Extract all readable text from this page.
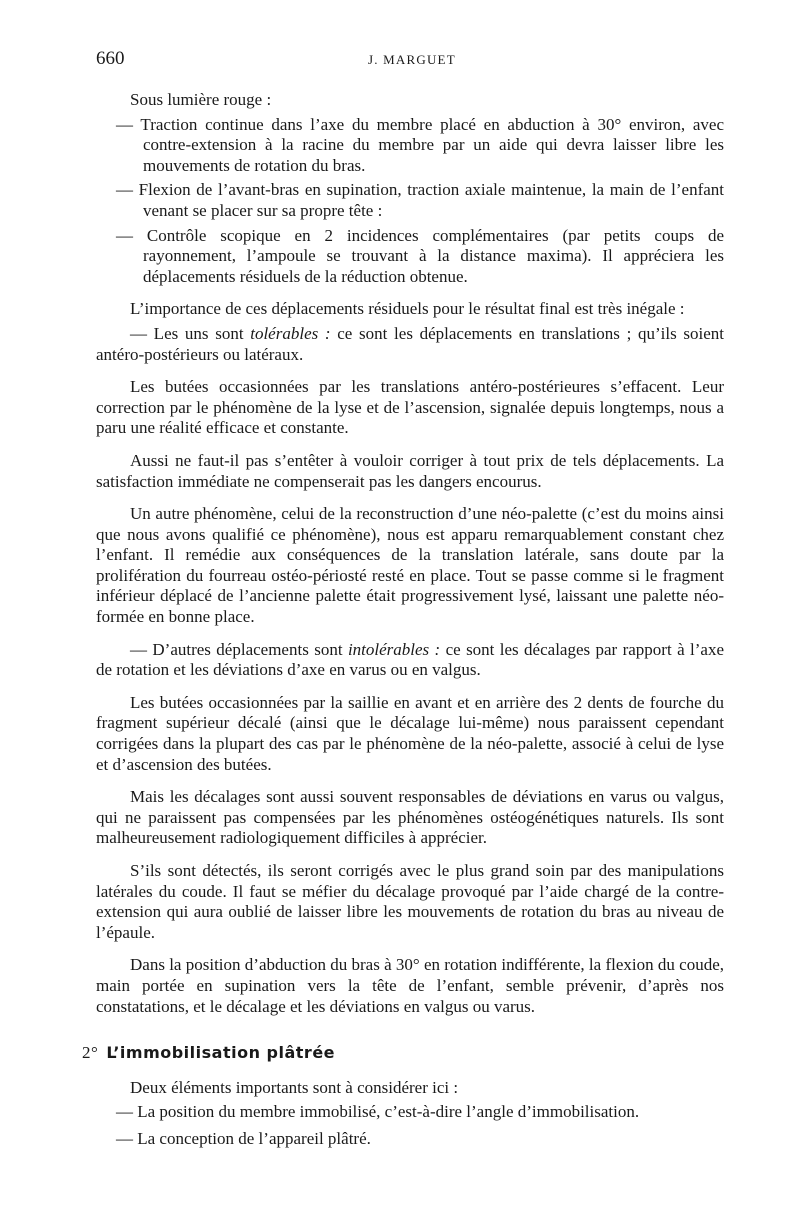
660	J. MARGUET

Sous lumière rouge :

— Traction continue dans l’axe du membre placé en abduction à 30° environ, avec contre-extension à la racine du membre par un aide qui devra laisser libre les mouvements de rotation du bras.

— Flexion de l’avant-bras en supination, traction axiale maintenue, la main de l’enfant venant se placer sur sa propre tête :

— Contrôle scopique en 2 incidences complémentaires (par petits coups de rayonnement, l’ampoule se trouvant à la distance maxima). Il appréciera les déplacements résiduels de la réduction obtenue.

L’importance de ces déplacements résiduels pour le résultat final est très inégale :

— Les uns sont tolérables : ce sont les déplacements en translations ; qu’ils soient antéro-postérieurs ou latéraux.

Les butées occasionnées par les translations antéro-postérieures s’effacent. Leur correction par le phénomène de la lyse et de l’ascension, signalée depuis longtemps, nous a paru une réalité efficace et constante.

Aussi ne faut-il pas s’entêter à vouloir corriger à tout prix de tels déplacements. La satisfaction immédiate ne compenserait pas les dangers encourus.

Un autre phénomène, celui de la reconstruction d’une néo-palette (c’est du moins ainsi que nous avons qualifié ce phénomène), nous est apparu remarquablement constant chez l’enfant. Il remédie aux conséquences de la translation latérale, sans doute par la prolifération du fourreau ostéo-périosté resté en place. Tout se passe comme si le fragment inférieur déplacé de l’ancienne palette était progressivement lysé, laissant une palette néo-formée en bonne place.

— D’autres déplacements sont intolérables : ce sont les décalages par rapport à l’axe de rotation et les déviations d’axe en varus ou en valgus.

Les butées occasionnées par la saillie en avant et en arrière des 2 dents de fourche du fragment supérieur décalé (ainsi que le décalage lui-même) nous paraissent cependant corrigées dans la plupart des cas par le phénomène de la néo-palette, associé à celui de lyse et d’ascension des butées.

Mais les décalages sont aussi souvent responsables de déviations en varus ou valgus, qui ne paraissent pas compensées par les phénomènes ostéogénétiques naturels. Ils sont malheureusement radiologiquement difficiles à apprécier.

S’ils sont détectés, ils seront corrigés avec le plus grand soin par des manipulations latérales du coude. Il faut se méfier du décalage provoqué par l’aide chargé de la contre-extension qui aura oublié de laisser libre les mouvements de rotation du bras au niveau de l’épaule.

Dans la position d’abduction du bras à 30° en rotation indifférente, la flexion du coude, main portée en supination vers la tête de l’enfant, semble prévenir, d’après nos constatations, et le décalage et les déviations en valgus ou varus.

2° L’immobilisation plâtrée

Deux éléments importants sont à considérer ici :

— La position du membre immobilisé, c’est-à-dire l’angle d’immobilisation.

— La conception de l’appareil plâtré.
